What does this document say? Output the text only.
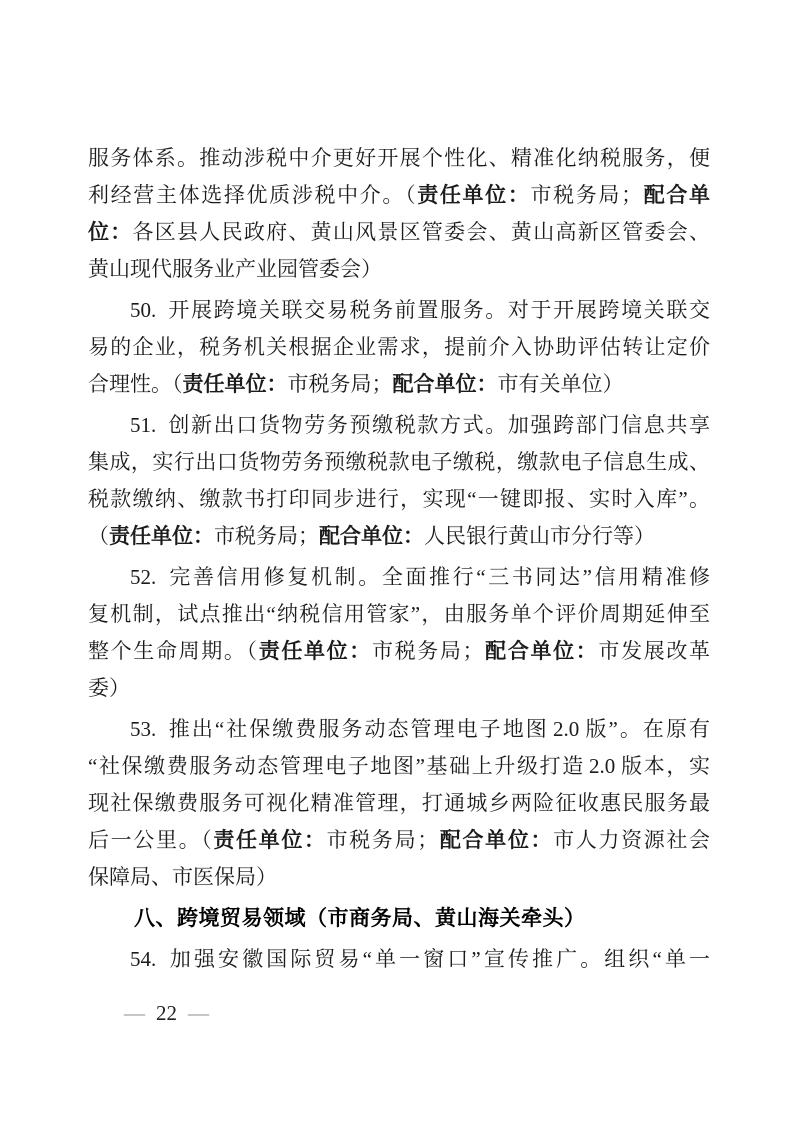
服务体系。推动涉税中介更好开展个性化、精准化纳税服务，便
利经营主体选择优质涉税中介。（责任单位：市税务局；配合单
位：各区县人民政府、黄山风景区管委会、黄山高新区管委会、
黄山现代服务业产业园管委会）
50. 开展跨境关联交易税务前置服务。对于开展跨境关联交
易的企业，税务机关根据企业需求，提前介入协助评估转让定价
合理性。（责任单位：市税务局；配合单位：市有关单位）
51. 创新出口货物劳务预缴税款方式。加强跨部门信息共享
集成，实行出口货物劳务预缴税款电子缴税，缴款电子信息生成、
税款缴纳、缴款书打印同步进行，实现“一键即报、实时入库”。
（责任单位：市税务局；配合单位：人民银行黄山市分行等）
52. 完善信用修复机制。全面推行“三书同达”信用精准修
复机制，试点推出“纳税信用管家”，由服务单个评价周期延伸至
整个生命周期。（责任单位：市税务局；配合单位：市发展改革
委）
53. 推出“社保缴费服务动态管理电子地图 2.0 版”。在原有
“社保缴费服务动态管理电子地图”基础上升级打造 2.0 版本，实
现社保缴费服务可视化精准管理，打通城乡两险征收惠民服务最
后一公里。（责任单位：市税务局；配合单位：市人力资源社会
保障局、市医保局）
八、跨境贸易领域（市商务局、黄山海关牵头）
54. 加强安徽国际贸易“单一窗口”宣传推广。组织“单一
— 22 —
